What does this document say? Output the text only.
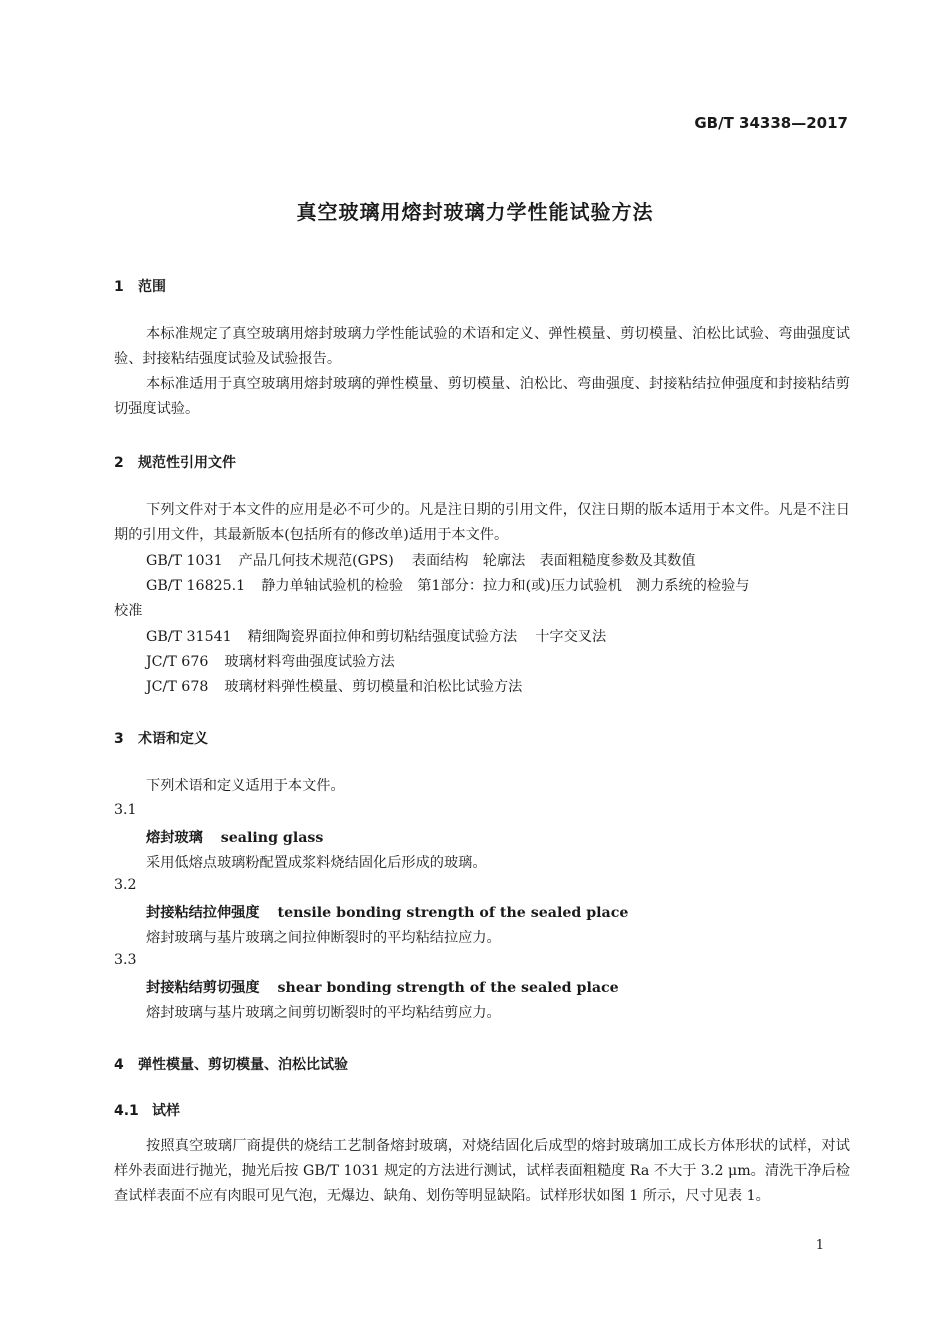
GB/T 34338—2017
真空玻璃用熔封玻璃力学性能试验方法
1 范围
本标准规定了真空玻璃用熔封玻璃力学性能试验的术语和定义、弹性模量、剪切模量、泊松比试验、弯曲强度试验、封接粘结强度试验及试验报告。
本标准适用于真空玻璃用熔封玻璃的弹性模量、剪切模量、泊松比、弯曲强度、封接粘结拉伸强度和封接粘结剪切强度试验。
2 规范性引用文件
下列文件对于本文件的应用是必不可少的。凡是注日期的引用文件，仅注日期的版本适用于本文件。凡是不注日期的引用文件，其最新版本(包括所有的修改单)适用于本文件。
GB/T 1031 产品几何技术规范(GPS) 表面结构　轮廓法　表面粗糙度参数及其数值
GB/T 16825.1 静力单轴试验机的检验　第1部分：拉力和(或)压力试验机　测力系统的检验与
校准
GB/T 31541 精细陶瓷界面拉伸和剪切粘结强度试验方法 十字交叉法
JC/T 676 玻璃材料弯曲强度试验方法
JC/T 678 玻璃材料弹性模量、剪切模量和泊松比试验方法
3 术语和定义
下列术语和定义适用于本文件。
3.1
熔封玻璃 sealing glass
采用低熔点玻璃粉配置成浆料烧结固化后形成的玻璃。
3.2
封接粘结拉伸强度 tensile bonding strength of the sealed place
熔封玻璃与基片玻璃之间拉伸断裂时的平均粘结拉应力。
3.3
封接粘结剪切强度 shear bonding strength of the sealed place
熔封玻璃与基片玻璃之间剪切断裂时的平均粘结剪应力。
4 弹性模量、剪切模量、泊松比试验
4.1 试样
按照真空玻璃厂商提供的烧结工艺制备熔封玻璃，对烧结固化后成型的熔封玻璃加工成长方体形状的试样，对试样外表面进行抛光，抛光后按 GB/T 1031 规定的方法进行测试，试样表面粗糙度 Ra 不大于 3.2 μm。清洗干净后检查试样表面不应有肉眼可见气泡，无爆边、缺角、划伤等明显缺陷。试样形状如图 1 所示，尺寸见表 1。
1
